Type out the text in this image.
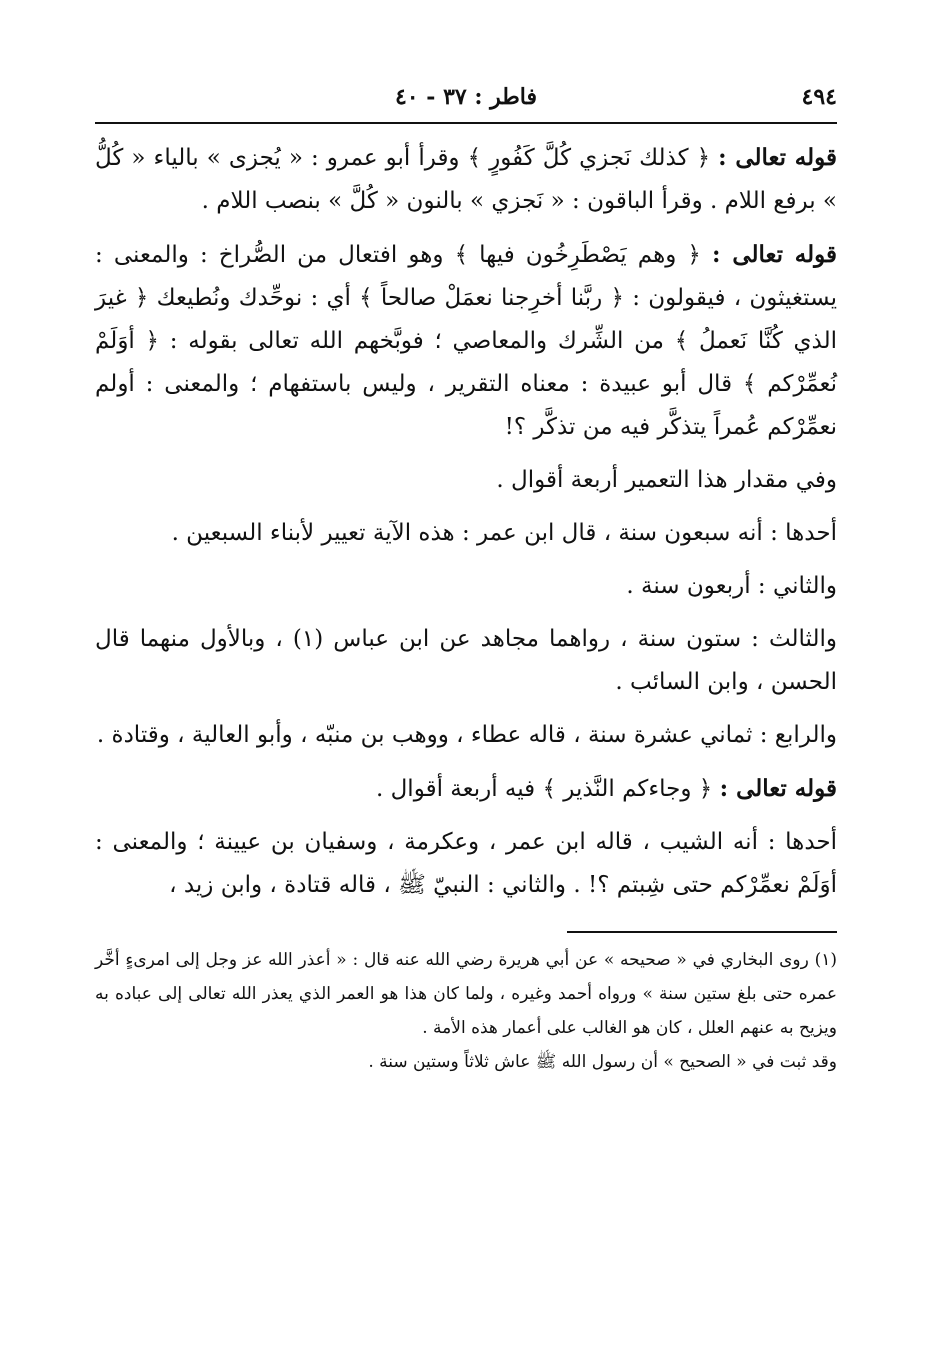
٤٩٤
فاطر : ٣٧ - ٤٠

قوله تعالى : ﴿ كذلك نَجزي كُلَّ كَفُورٍ ﴾ وقرأ أبو عمرو : « يُجزى » بالياء « كُلُّ » برفع اللام . وقرأ الباقون : « نَجزي » بالنون « كُلَّ » بنصب اللام .

قوله تعالى : ﴿ وهم يَصْطَرِخُون فيها ﴾ وهو افتعال من الصُّراخ : والمعنى : يستغيثون ، فيقولون : ﴿ ربَّنا أخرِجنا نعمَلْ صالحاً ﴾ أي : نوحِّدك ونُطيعك ﴿ غيرَ الذي كُنَّا نَعملُ ﴾ من الشِّرك والمعاصي ؛ فوبَّخهم الله تعالى بقوله : ﴿ أوَلَمْ نُعمِّرْكم ﴾ قال أبو عبيدة : معناه التقرير ، وليس باستفهام ؛ والمعنى : أولم نعمِّرْكم عُمراً يتذكَّر فيه من تذكَّر ؟!

وفي مقدار هذا التعمير أربعة أقوال .

أحدها : أنه سبعون سنة ، قال ابن عمر : هذه الآية تعيير لأبناء السبعين .

والثاني : أربعون سنة .

والثالث : ستون سنة ، رواهما مجاهد عن ابن عباس (١) ، وبالأول منهما قال الحسن ، وابن السائب .

والرابع : ثماني عشرة سنة ، قاله عطاء ، ووهب بن منبّه ، وأبو العالية ، وقتادة .

قوله تعالى : ﴿ وجاءكم النَّذير ﴾ فيه أربعة أقوال .

أحدها : أنه الشيب ، قاله ابن عمر ، وعكرمة ، وسفيان بن عيينة ؛ والمعنى : أوَلَمْ نعمِّرْكم حتى شِبتم ؟! . والثاني : النبيّ ﷺ ، قاله قتادة ، وابن زيد ،

(١) روى البخاري في « صحيحه » عن أبي هريرة رضي الله عنه قال : « أعذر الله عز وجل إلى امرىءٍ أخَّر عمره حتى بلغ ستين سنة » ورواه أحمد وغيره ، ولما كان هذا هو العمر الذي يعذر الله تعالى إلى عباده به ويزيح به عنهم العلل ، كان هو الغالب على أعمار هذه الأمة .

وقد ثبت في « الصحيح » أن رسول الله ﷺ عاش ثلاثاً وستين سنة .
